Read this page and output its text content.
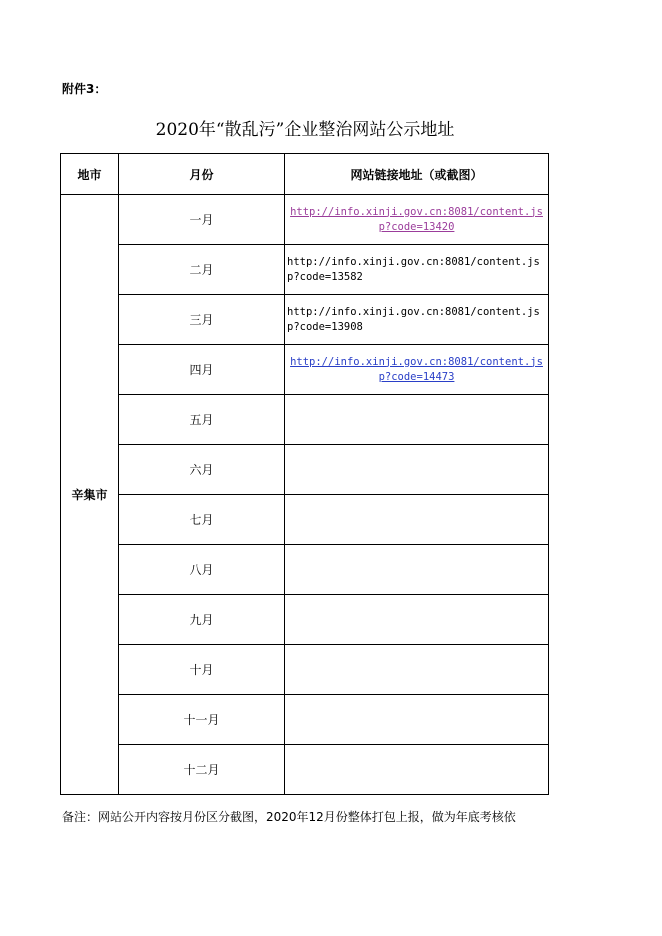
附件3：
2020年“散乱污”企业整治网站公示地址
地市	月份	网站链接地址（或截图）
辛集市	一月	http://info.xinji.gov.cn:8081/content.jsp?code=13420
	二月	http://info.xinji.gov.cn:8081/content.jsp?code=13582
	三月	http://info.xinji.gov.cn:8081/content.jsp?code=13908
	四月	http://info.xinji.gov.cn:8081/content.jsp?code=14473
	五月	
	六月	
	七月	
	八月	
	九月	
	十月	
	十一月	
	十二月	
备注：网站公开内容按月份区分截图，2020年12月份整体打包上报，做为年底考核依
